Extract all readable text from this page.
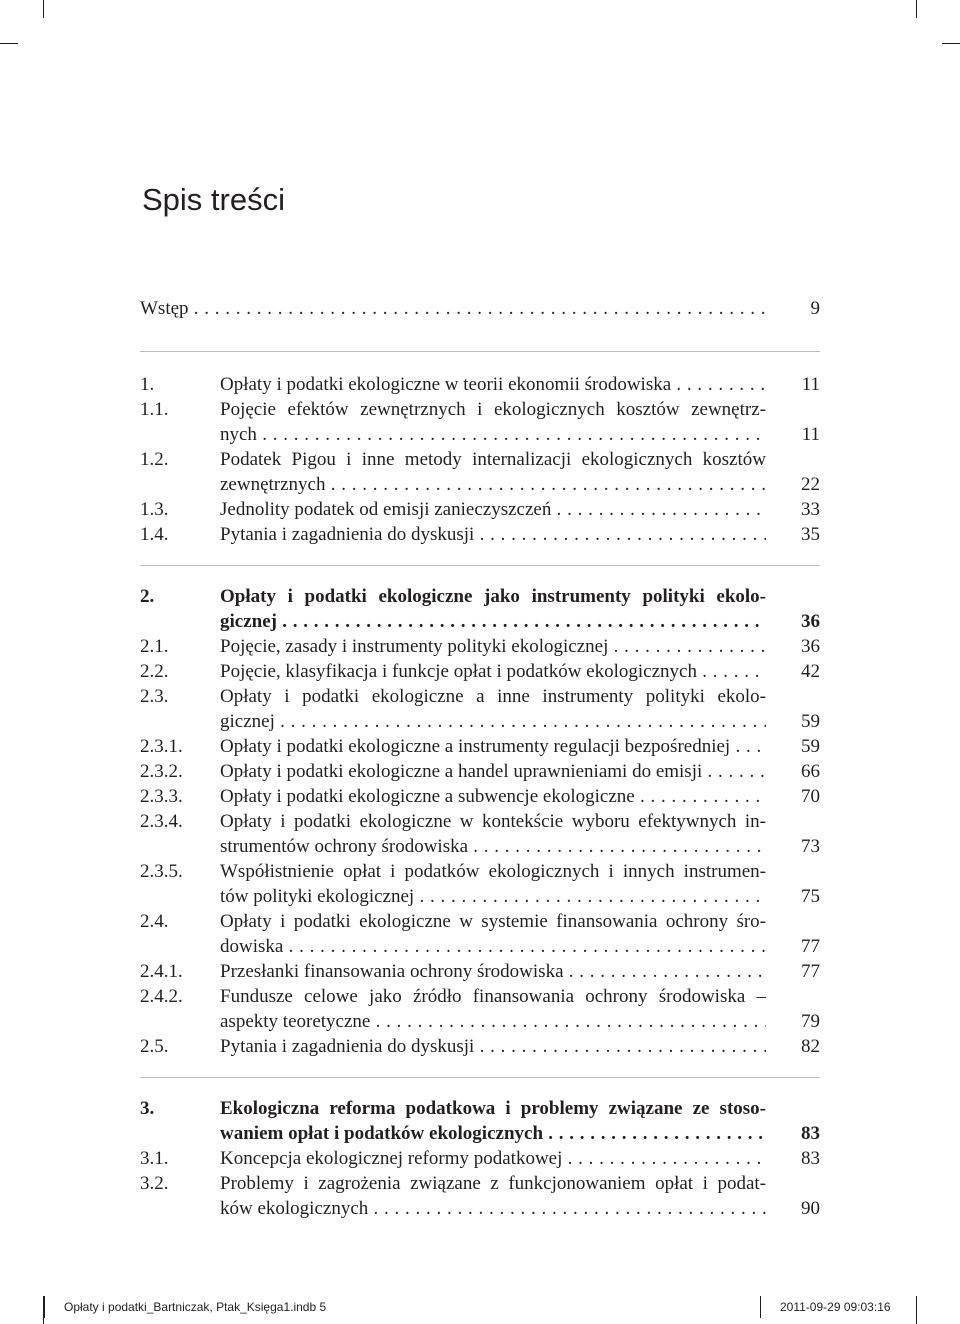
Spis treści
Wstęp . . .	9
1.	Opłaty i podatki ekologiczne w teorii ekonomii środowiska . . .	11
1.1.	Pojęcie efektów zewnętrznych i ekologicznych kosztów zewnętrz-
nych . . .	11
1.2.	Podatek Pigou i inne metody internalizacji ekologicznych kosztów
zewnętrznych . . .	22
1.3.	Jednolity podatek od emisji zanieczyszczeń . . .	33
1.4.	Pytania i zagadnienia do dyskusji . . .	35
2.	Opłaty i podatki ekologiczne jako instrumenty polityki ekolo-
gicznej . . .	36
2.1.	Pojęcie, zasady i instrumenty polityki ekologicznej . . .	36
2.2.	Pojęcie, klasyfikacja i funkcje opłat i podatków ekologicznych . . .	42
2.3.	Opłaty i podatki ekologiczne a inne instrumenty polityki ekolo-
gicznej . . .	59
2.3.1. Opłaty i podatki ekologiczne a instrumenty regulacji bezpośredniej . . .	59
2.3.2. Opłaty i podatki ekologiczne a handel uprawnieniami do emisji . . .	66
2.3.3. Opłaty i podatki ekologiczne a subwencje ekologiczne . . .	70
2.3.4. Opłaty i podatki ekologiczne w kontekście wyboru efektywnych in-
strumentów ochrony środowiska . . .	73
2.3.5. Współistnienie opłat i podatków ekologicznych i innych instrumen-
tów polityki ekologicznej . . .	75
2.4.	Opłaty i podatki ekologiczne w systemie finansowania ochrony śro-
dowiska . . .	77
2.4.1. Przesłanki finansowania ochrony środowiska . . .	77
2.4.2. Fundusze celowe jako źródło finansowania ochrony środowiska –
aspekty teoretyczne . . .	79
2.5.	Pytania i zagadnienia do dyskusji . . .	82
3.	Ekologiczna reforma podatkowa i problemy związane ze stoso-
waniem opłat i podatków ekologicznych . . .	83
3.1.	Koncepcja ekologicznej reformy podatkowej . . .	83
3.2.	Problemy i zagrożenia związane z funkcjonowaniem opłat i podat-
ków ekologicznych . . .	90
Opłaty i podatki_Bartniczak, Ptak_Księga1.indb 5	2011-09-29 09:03:16
